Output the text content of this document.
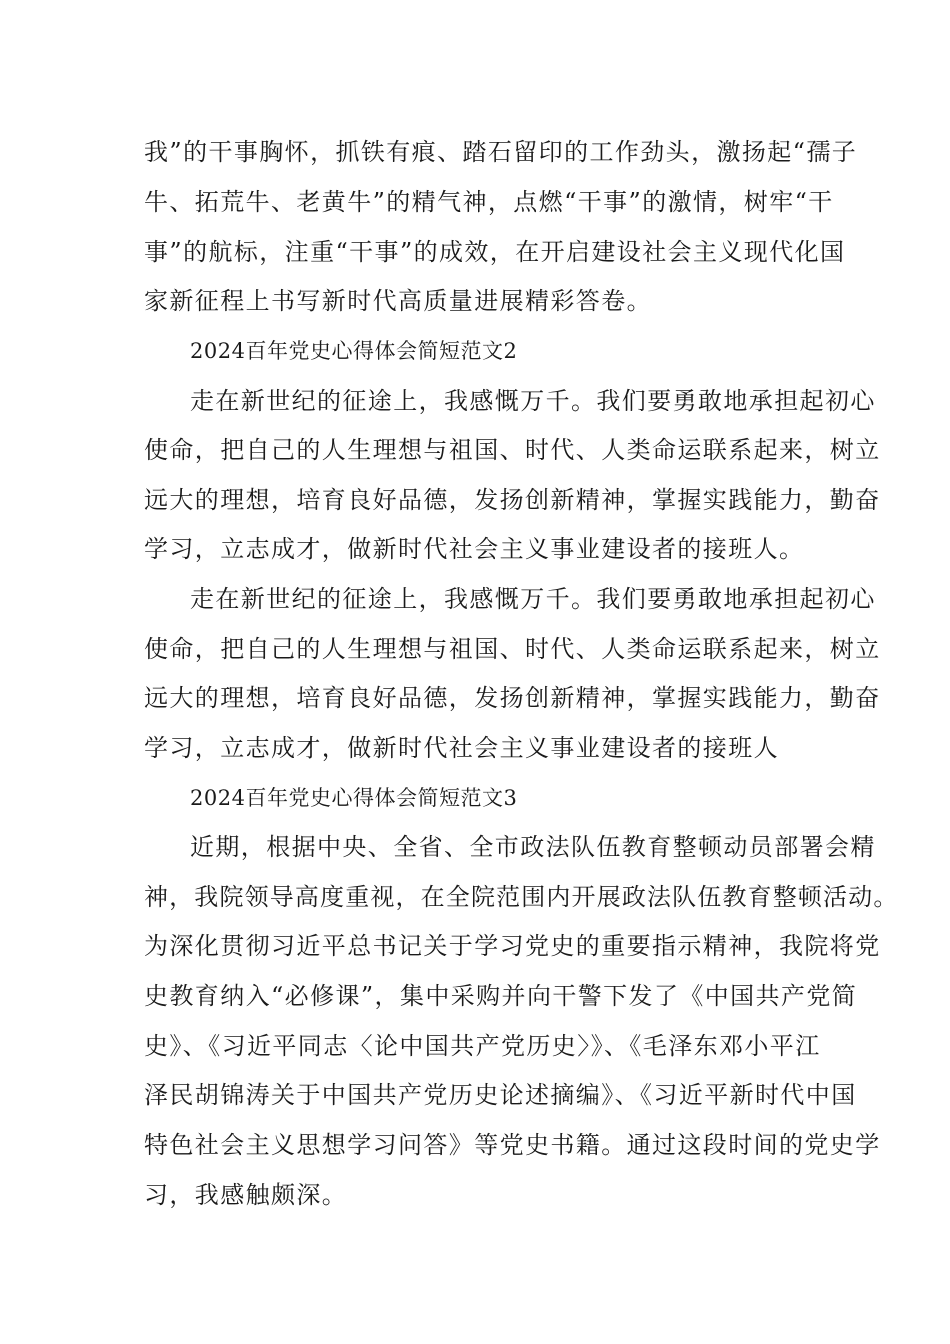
我”的干事胸怀，抓铁有痕、踏石留印的工作劲头，激扬起“孺子
牛、拓荒牛、老黄牛”的精气神，点燃“干事”的激情，树牢“干
事”的航标，注重“干事”的成效，在开启建设社会主义现代化国
家新征程上书写新时代高质量进展精彩答卷。
2024百年党史心得体会简短范文2
走在新世纪的征途上，我感慨万千。我们要勇敢地承担起初心
使命，把自己的人生理想与祖国、时代、人类命运联系起来，树立
远大的理想，培育良好品德，发扬创新精神，掌握实践能力，勤奋
学习，立志成才，做新时代社会主义事业建设者的接班人。
走在新世纪的征途上，我感慨万千。我们要勇敢地承担起初心
使命，把自己的人生理想与祖国、时代、人类命运联系起来，树立
远大的理想，培育良好品德，发扬创新精神，掌握实践能力，勤奋
学习，立志成才，做新时代社会主义事业建设者的接班人
2024百年党史心得体会简短范文3
近期，根据中央、全省、全市政法队伍教育整顿动员部署会精
神，我院领导高度重视，在全院范围内开展政法队伍教育整顿活动。
为深化贯彻习近平总书记关于学习党史的重要指示精神，我院将党
史教育纳入“必修课”，集中采购并向干警下发了《中国共产党简
史》、《习近平同志〈论中国共产党历史〉》、《毛泽东邓小平江
泽民胡锦涛关于中国共产党历史论述摘编》、《习近平新时代中国
特色社会主义思想学习问答》等党史书籍。通过这段时间的党史学
习，我感触颇深。
